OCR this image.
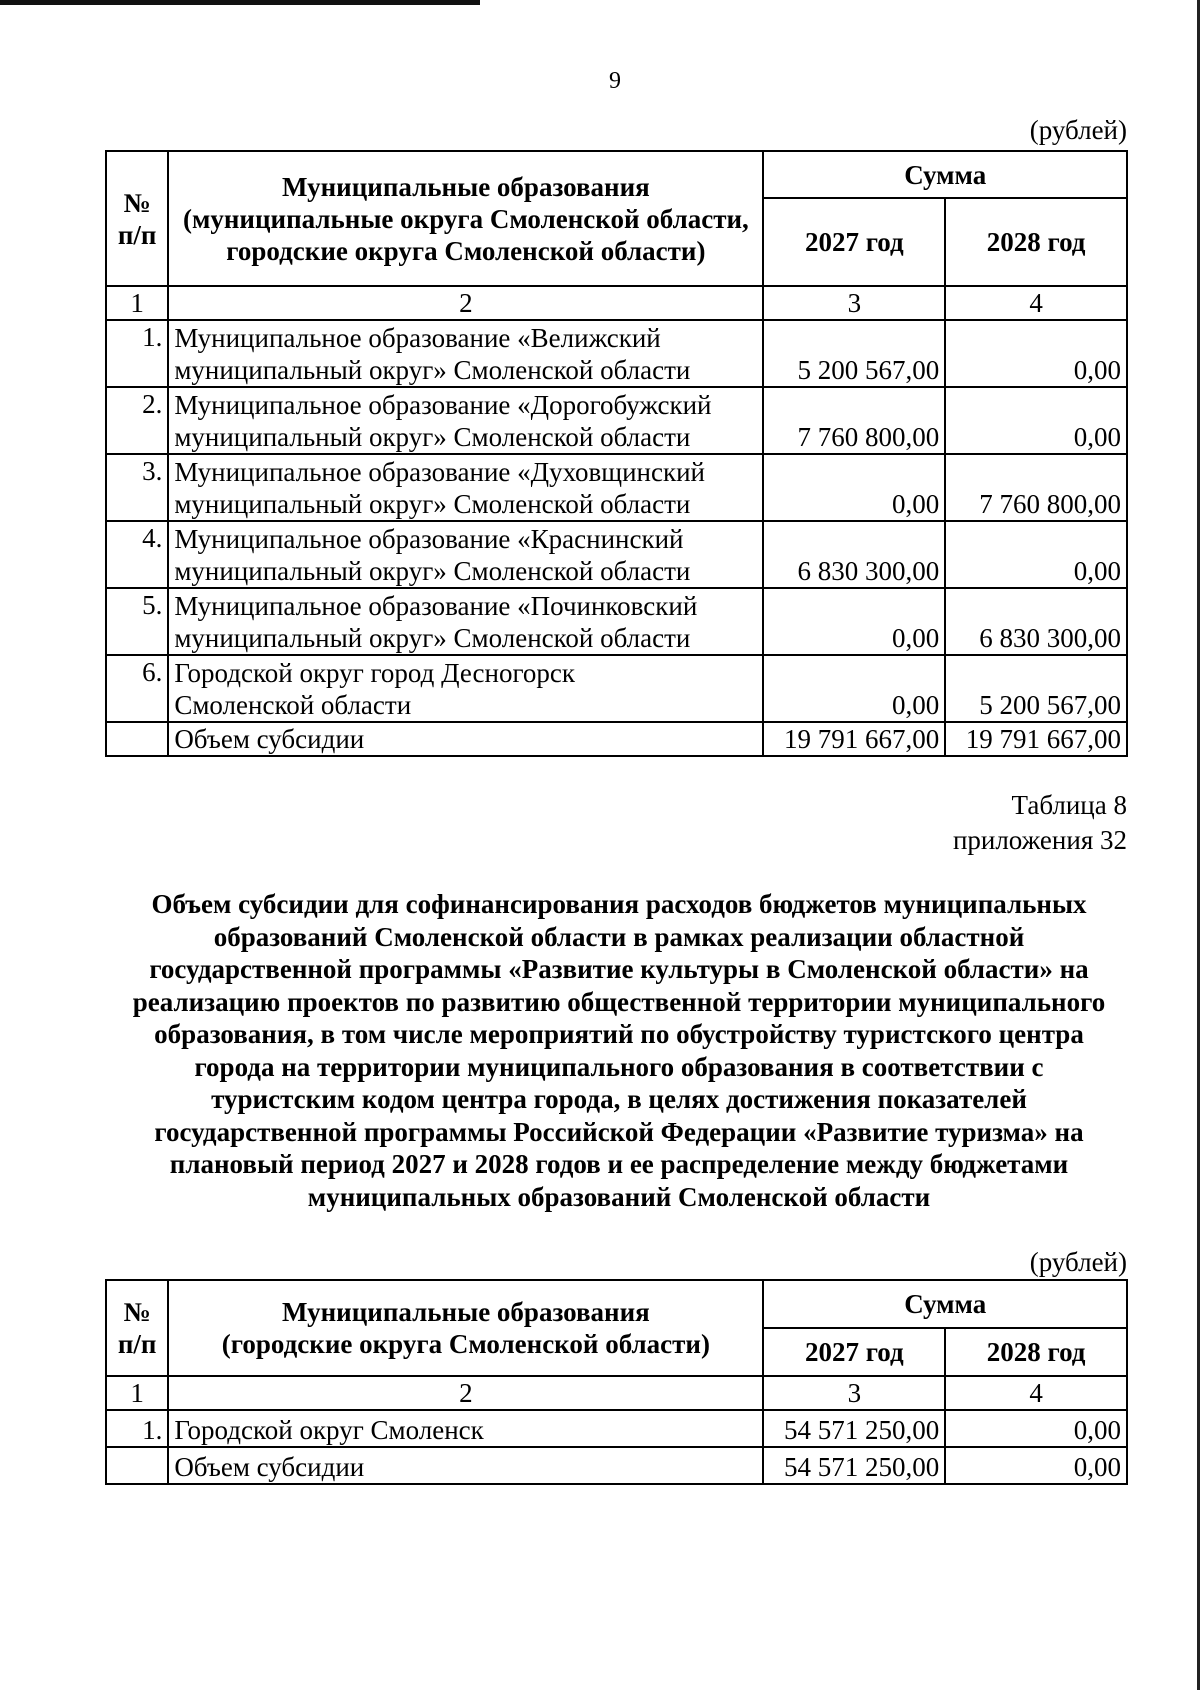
9
(рублей)
№ п/п	Муниципальные образования (муниципальные округа Смоленской области, городские округа Смоленской области)	Сумма	
		2027 год	2028 год
1	2	3	4
1.	Муниципальное образование «Велижский
муниципальный округ» Смоленской области	5 200 567,00	0,00
2.	Муниципальное образование «Дорогобужский
муниципальный округ» Смоленской области	7 760 800,00	0,00
3.	Муниципальное образование «Духовщинский
муниципальный округ» Смоленской области	0,00	7 760 800,00
4.	Муниципальное образование «Краснинский
муниципальный округ» Смоленской области	6 830 300,00	0,00
5.	Муниципальное образование «Починковский
муниципальный округ» Смоленской области	0,00	6 830 300,00
6.	Городской округ город Десногорск
Смоленской области	0,00	5 200 567,00
	Объем субсидии	19 791 667,00	19 791 667,00
Таблица 8
приложения 32
Объем субсидии для софинансирования расходов бюджетов муниципальных
образований Смоленской области в рамках реализации областной
государственной программы «Развитие культуры в Смоленской области» на
реализацию проектов по развитию общественной территории муниципального
образования, в том числе мероприятий по обустройству туристского центра
города на территории муниципального образования в соответствии с
туристским кодом центра города, в целях достижения показателей
государственной программы Российской Федерации «Развитие туризма» на
плановый период 2027 и 2028 годов и ее распределение между бюджетами
муниципальных образований Смоленской области
(рублей)
№ п/п	Муниципальные образования
(городские округа Смоленской области)	Сумма	
		2027 год	2028 год
1	2	3	4
1.	Городской округ Смоленск	54 571 250,00	0,00
	Объем субсидии	54 571 250,00	0,00
